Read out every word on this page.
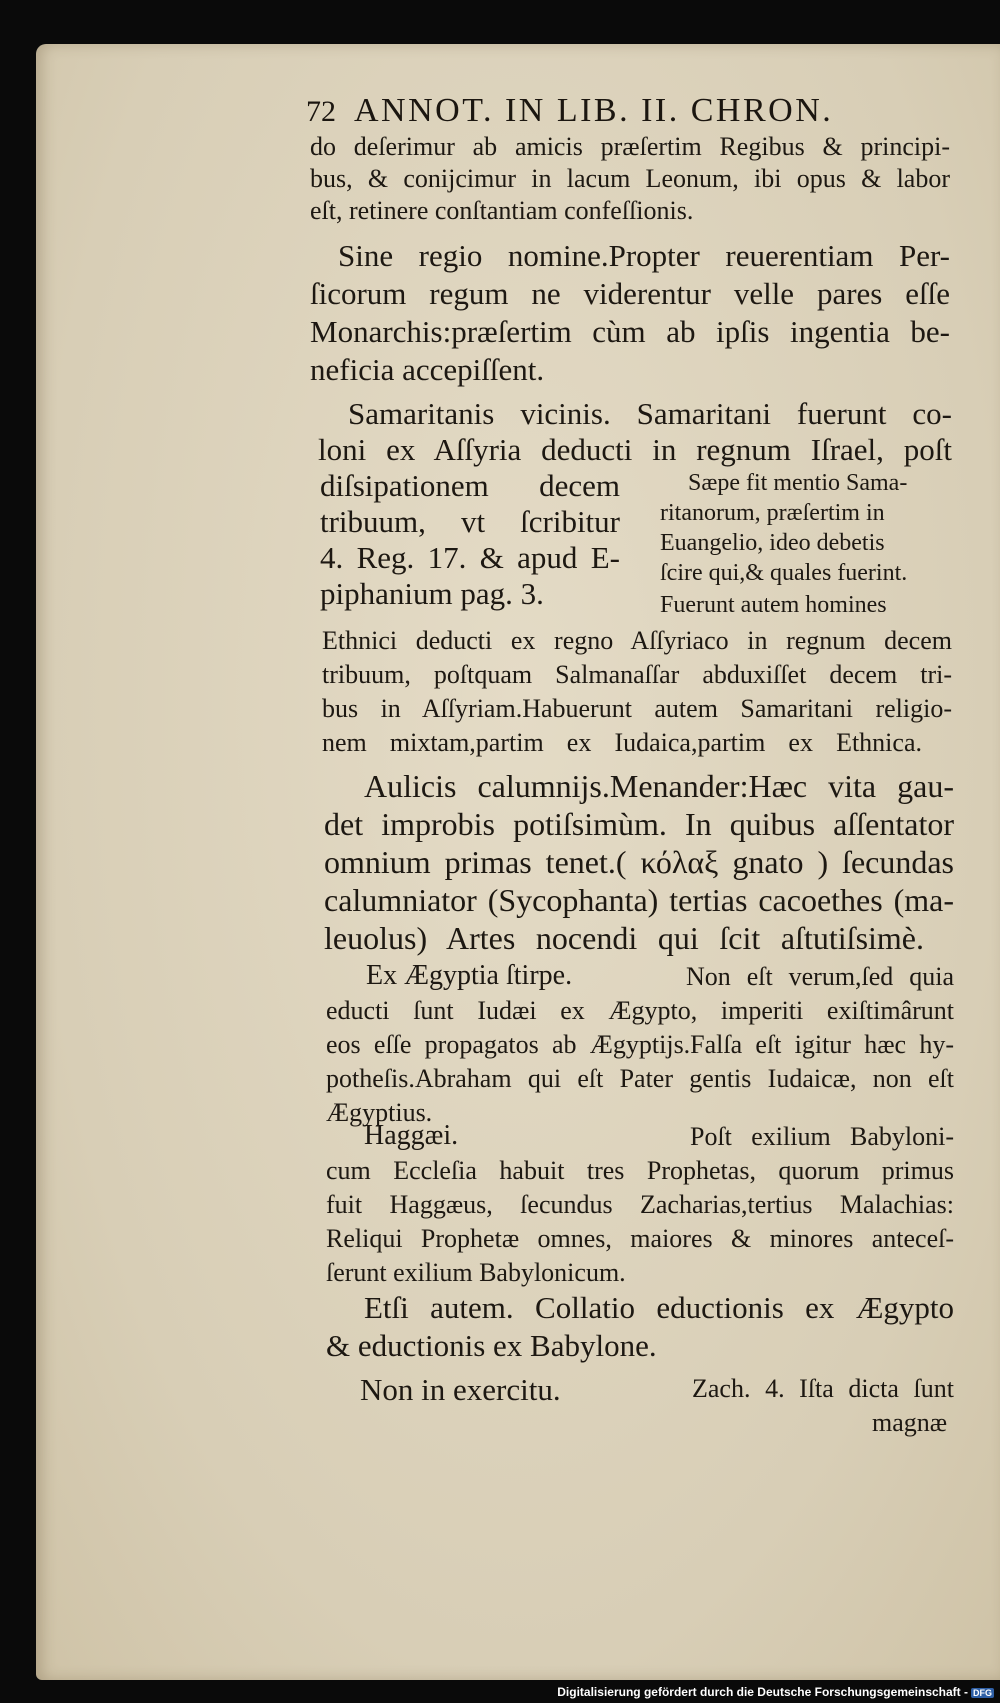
72 ANNOT. IN LIB. II. CHRON.
do deſerimur ab amicis præſertim Regibus & principi-
bus, & conijcimur in lacum Leonum, ibi opus & labor
eſt, retinere conſtantiam confeſſionis.
Sine regio nomine.Propter reuerentiam Per-
ſicorum regum ne viderentur velle pares eſſe
Monarchis:præſertim cùm ab ipſis ingentia be-
neficia accepiſſent.
Samaritanis vicinis. Samaritani fuerunt co-
loni ex Aſſyria deducti in regnum Iſrael, poſt
diſsipationem decem
tribuum, vt ſcribitur
4. Reg. 17. & apud E-
piphanium pag. 3.
Sæpe fit mentio Sama-
ritanorum, præſertim in
Euangelio, ideo debetis
ſcire qui,& quales fuerint.
Fuerunt autem homines
Ethnici deducti ex regno Aſſyriaco in regnum decem
tribuum, poſtquam Salmanaſſar abduxiſſet decem tri-
bus in Aſſyriam.Habuerunt autem Samaritani religio-
nem mixtam,partim ex Iudaica,partim ex Ethnica.
Aulicis calumnijs.Menander:Hæc vita gau-
det improbis potiſsimùm. In quibus aſſentator
omnium primas tenet.( κόλαξ gnato ) ſecundas
calumniator (Sycophanta) tertias cacoethes (ma-
leuolus) Artes nocendi qui ſcit aſtutiſsimè.
Ex Ægyptia ſtirpe.	Non eſt verum,ſed quia
educti ſunt Iudæi ex Ægypto, imperiti exiſtimârunt
eos eſſe propagatos ab Ægyptijs.Falſa eſt igitur hæc hy-
potheſis.Abraham qui eſt Pater gentis Iudaicæ, non eſt
Ægyptius.
Haggæi.	Poſt exilium Babyloni-
cum Eccleſia habuit tres Prophetas, quorum primus
fuit Haggæus, ſecundus Zacharias,tertius Malachias:
Reliqui Prophetæ omnes, maiores & minores anteceſ-
ſerunt exilium Babylonicum.
Etſi autem. Collatio eductionis ex Ægypto
& eductionis ex Babylone.
Non in exercitu.	Zach. 4. Iſta dicta ſunt
magnæ
Digitalisierung gefördert durch die Deutsche Forschungsgemeinschaft - DFG
